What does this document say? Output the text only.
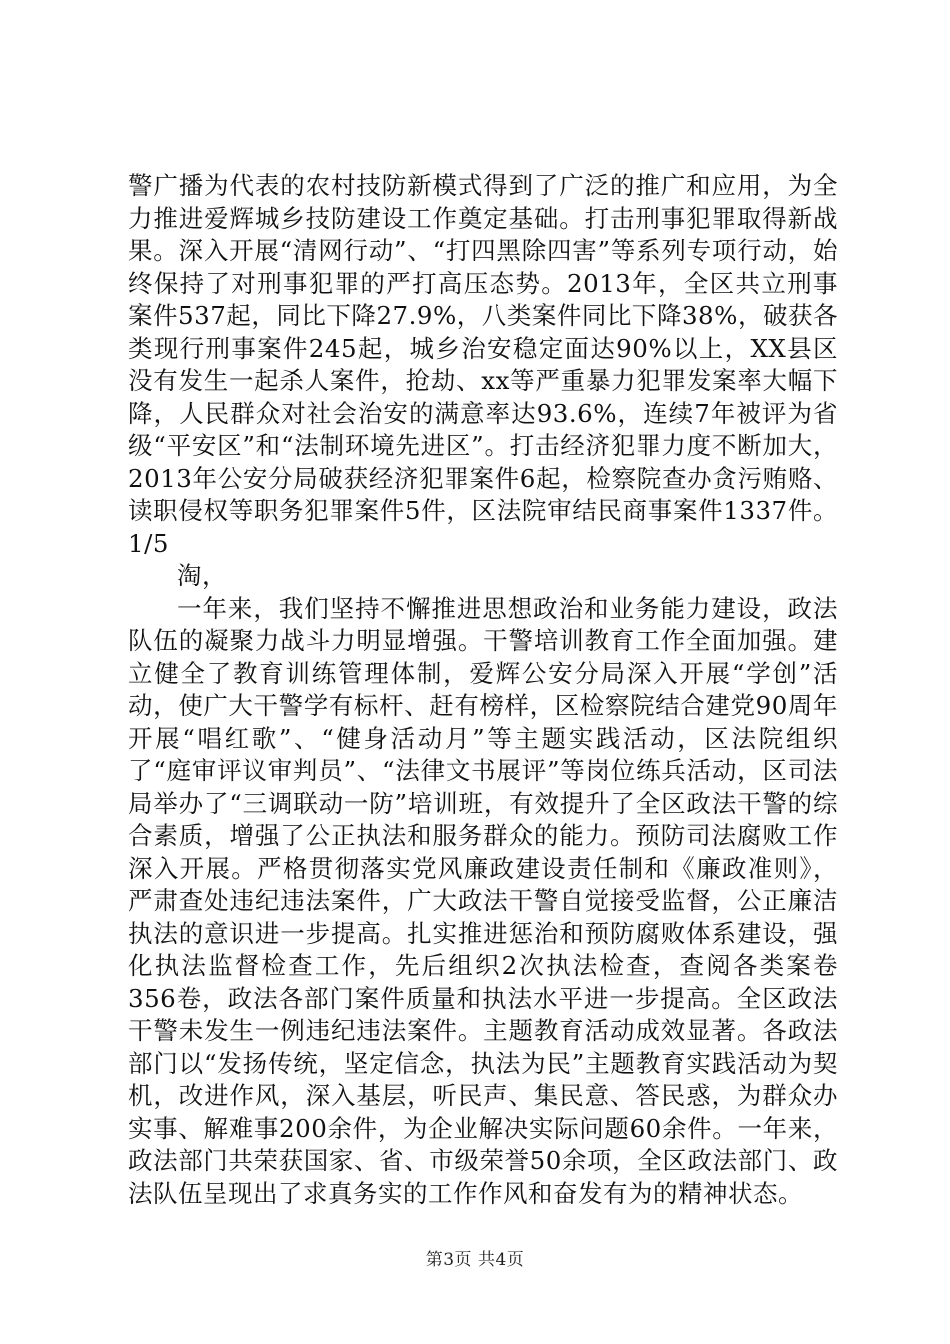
警广播为代表的农村技防新模式得到了广泛的推广和应用，为全力推进爱辉城乡技防建设工作奠定基础。打击刑事犯罪取得新战果。深入开展“清网行动”、“打四黑除四害”等系列专项行动，始终保持了对刑事犯罪的严打高压态势。2013年，全区共立刑事案件537起，同比下降27.9%，八类案件同比下降38%，破获各类现行刑事案件245起，城乡治安稳定面达90%以上，XX县区没有发生一起杀人案件，抢劫、xx等严重暴力犯罪发案率大幅下降，人民群众对社会治安的满意率达93.6%，连续7年被评为省级“平安区”和“法制环境先进区”。打击经济犯罪力度不断加大，2013年公安分局破获经济犯罪案件6起，检察院查办贪污贿赂、读职侵权等职务犯罪案件5件，区法院审结民商事案件1337件。1/5

淘，

一年来，我们坚持不懈推进思想政治和业务能力建设，政法队伍的凝聚力战斗力明显增强。干警培训教育工作全面加强。建立健全了教育训练管理体制，爱辉公安分局深入开展“学创”活动，使广大干警学有标杆、赶有榜样，区检察院结合建党90周年开展“唱红歌”、“健身活动月”等主题实践活动，区法院组织了“庭审评议审判员”、“法律文书展评”等岗位练兵活动，区司法局举办了“三调联动一防”培训班，有效提升了全区政法干警的综合素质，增强了公正执法和服务群众的能力。预防司法腐败工作深入开展。严格贯彻落实党风廉政建设责任制和《廉政准则》，严肃查处违纪违法案件，广大政法干警自觉接受监督，公正廉洁执法的意识进一步提高。扎实推进惩治和预防腐败体系建设，强化执法监督检查工作，先后组织2次执法检查，查阅各类案卷356卷，政法各部门案件质量和执法水平进一步提高。全区政法干警未发生一例违纪违法案件。主题教育活动成效显著。各政法部门以“发扬传统，坚定信念，执法为民”主题教育实践活动为契机，改进作风，深入基层，听民声、集民意、答民惑，为群众办实事、解难事200余件，为企业解决实际问题60余件。一年来，政法部门共荣获国家、省、市级荣誉50余项，全区政法部门、政法队伍呈现出了求真务实的工作作风和奋发有为的精神状态。

第3页 共4页
